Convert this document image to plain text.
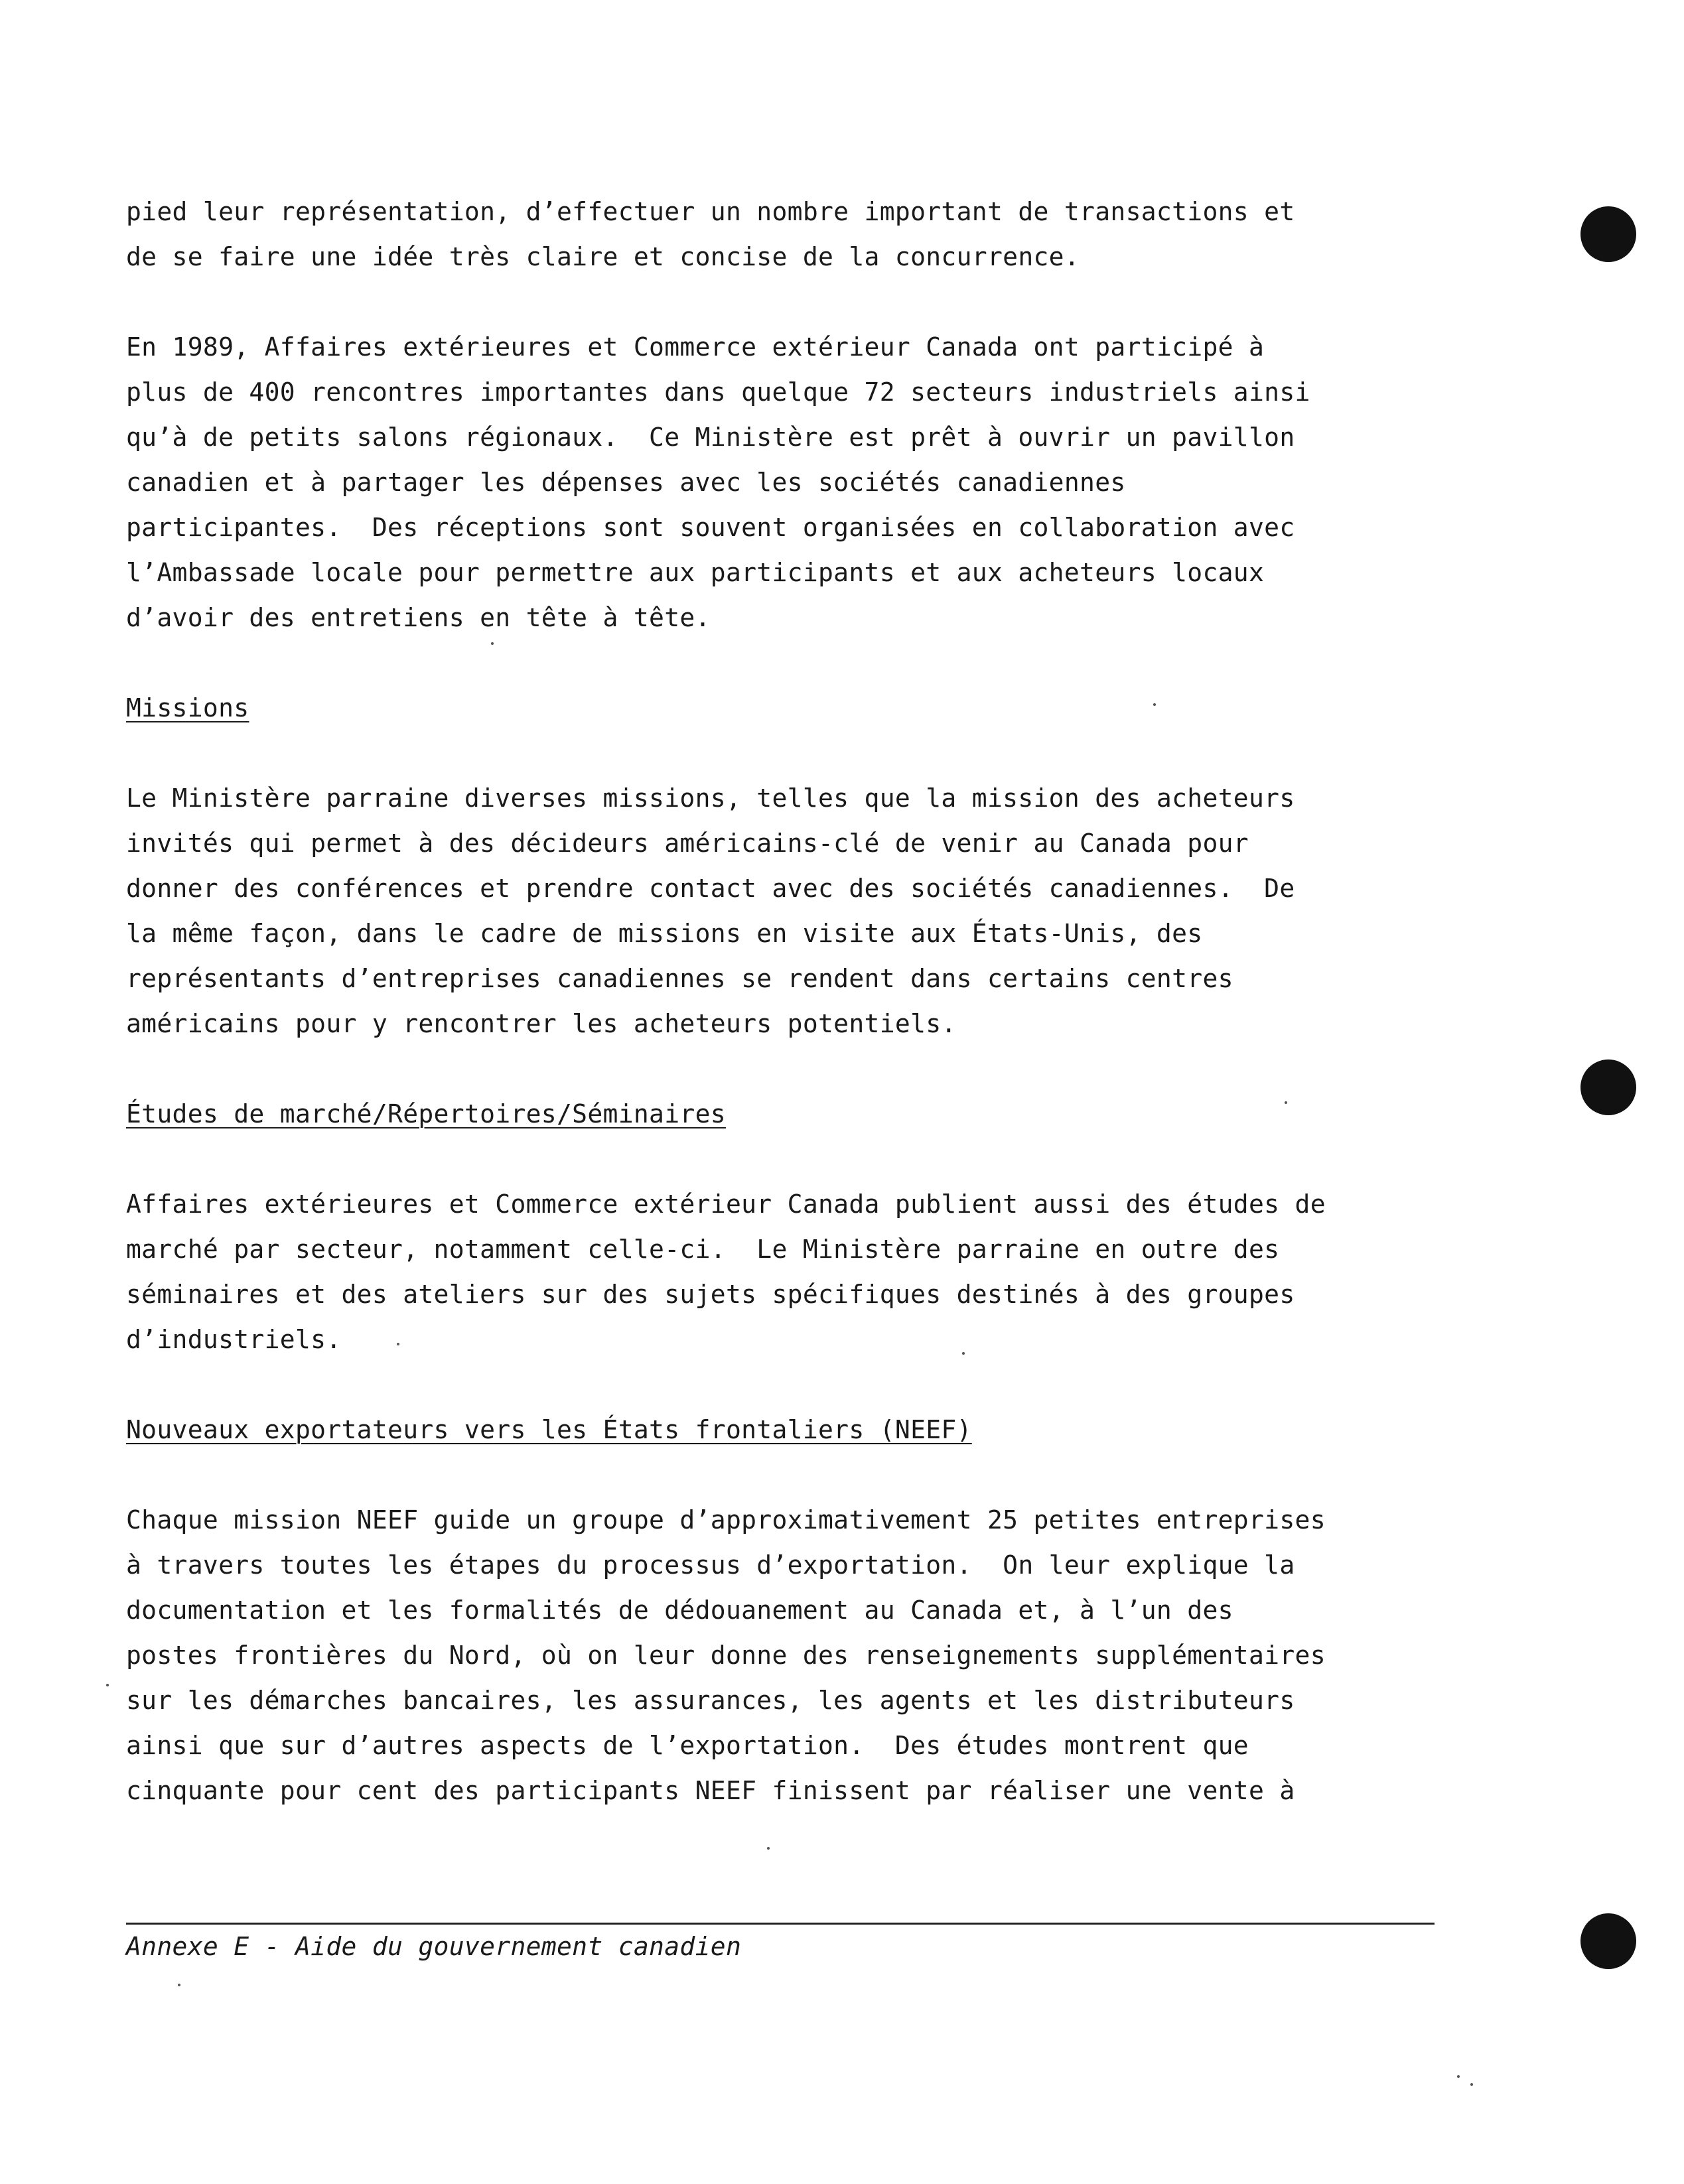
pied leur représentation, d’effectuer un nombre important de transactions et
de se faire une idée très claire et concise de la concurrence.
En 1989, Affaires extérieures et Commerce extérieur Canada ont participé à
plus de 400 rencontres importantes dans quelque 72 secteurs industriels ainsi
qu’à de petits salons régionaux.  Ce Ministère est prêt à ouvrir un pavillon
canadien et à partager les dépenses avec les sociétés canadiennes
participantes.  Des réceptions sont souvent organisées en collaboration avec
l’Ambassade locale pour permettre aux participants et aux acheteurs locaux
d’avoir des entretiens en tête à tête.
Missions
Le Ministère parraine diverses missions, telles que la mission des acheteurs
invités qui permet à des décideurs américains-clé de venir au Canada pour
donner des conférences et prendre contact avec des sociétés canadiennes.  De
la même façon, dans le cadre de missions en visite aux États-Unis, des
représentants d’entreprises canadiennes se rendent dans certains centres
américains pour y rencontrer les acheteurs potentiels.
Études de marché/Répertoires/Séminaires
Affaires extérieures et Commerce extérieur Canada publient aussi des études de
marché par secteur, notamment celle-ci.  Le Ministère parraine en outre des
séminaires et des ateliers sur des sujets spécifiques destinés à des groupes
d’industriels.
Nouveaux exportateurs vers les États frontaliers (NEEF)
Chaque mission NEEF guide un groupe d’approximativement 25 petites entreprises
à travers toutes les étapes du processus d’exportation.  On leur explique la
documentation et les formalités de dédouanement au Canada et, à l’un des
postes frontières du Nord, où on leur donne des renseignements supplémentaires
sur les démarches bancaires, les assurances, les agents et les distributeurs
ainsi que sur d’autres aspects de l’exportation.  Des études montrent que
cinquante pour cent des participants NEEF finissent par réaliser une vente à
Annexe E - Aide du gouvernement canadien
